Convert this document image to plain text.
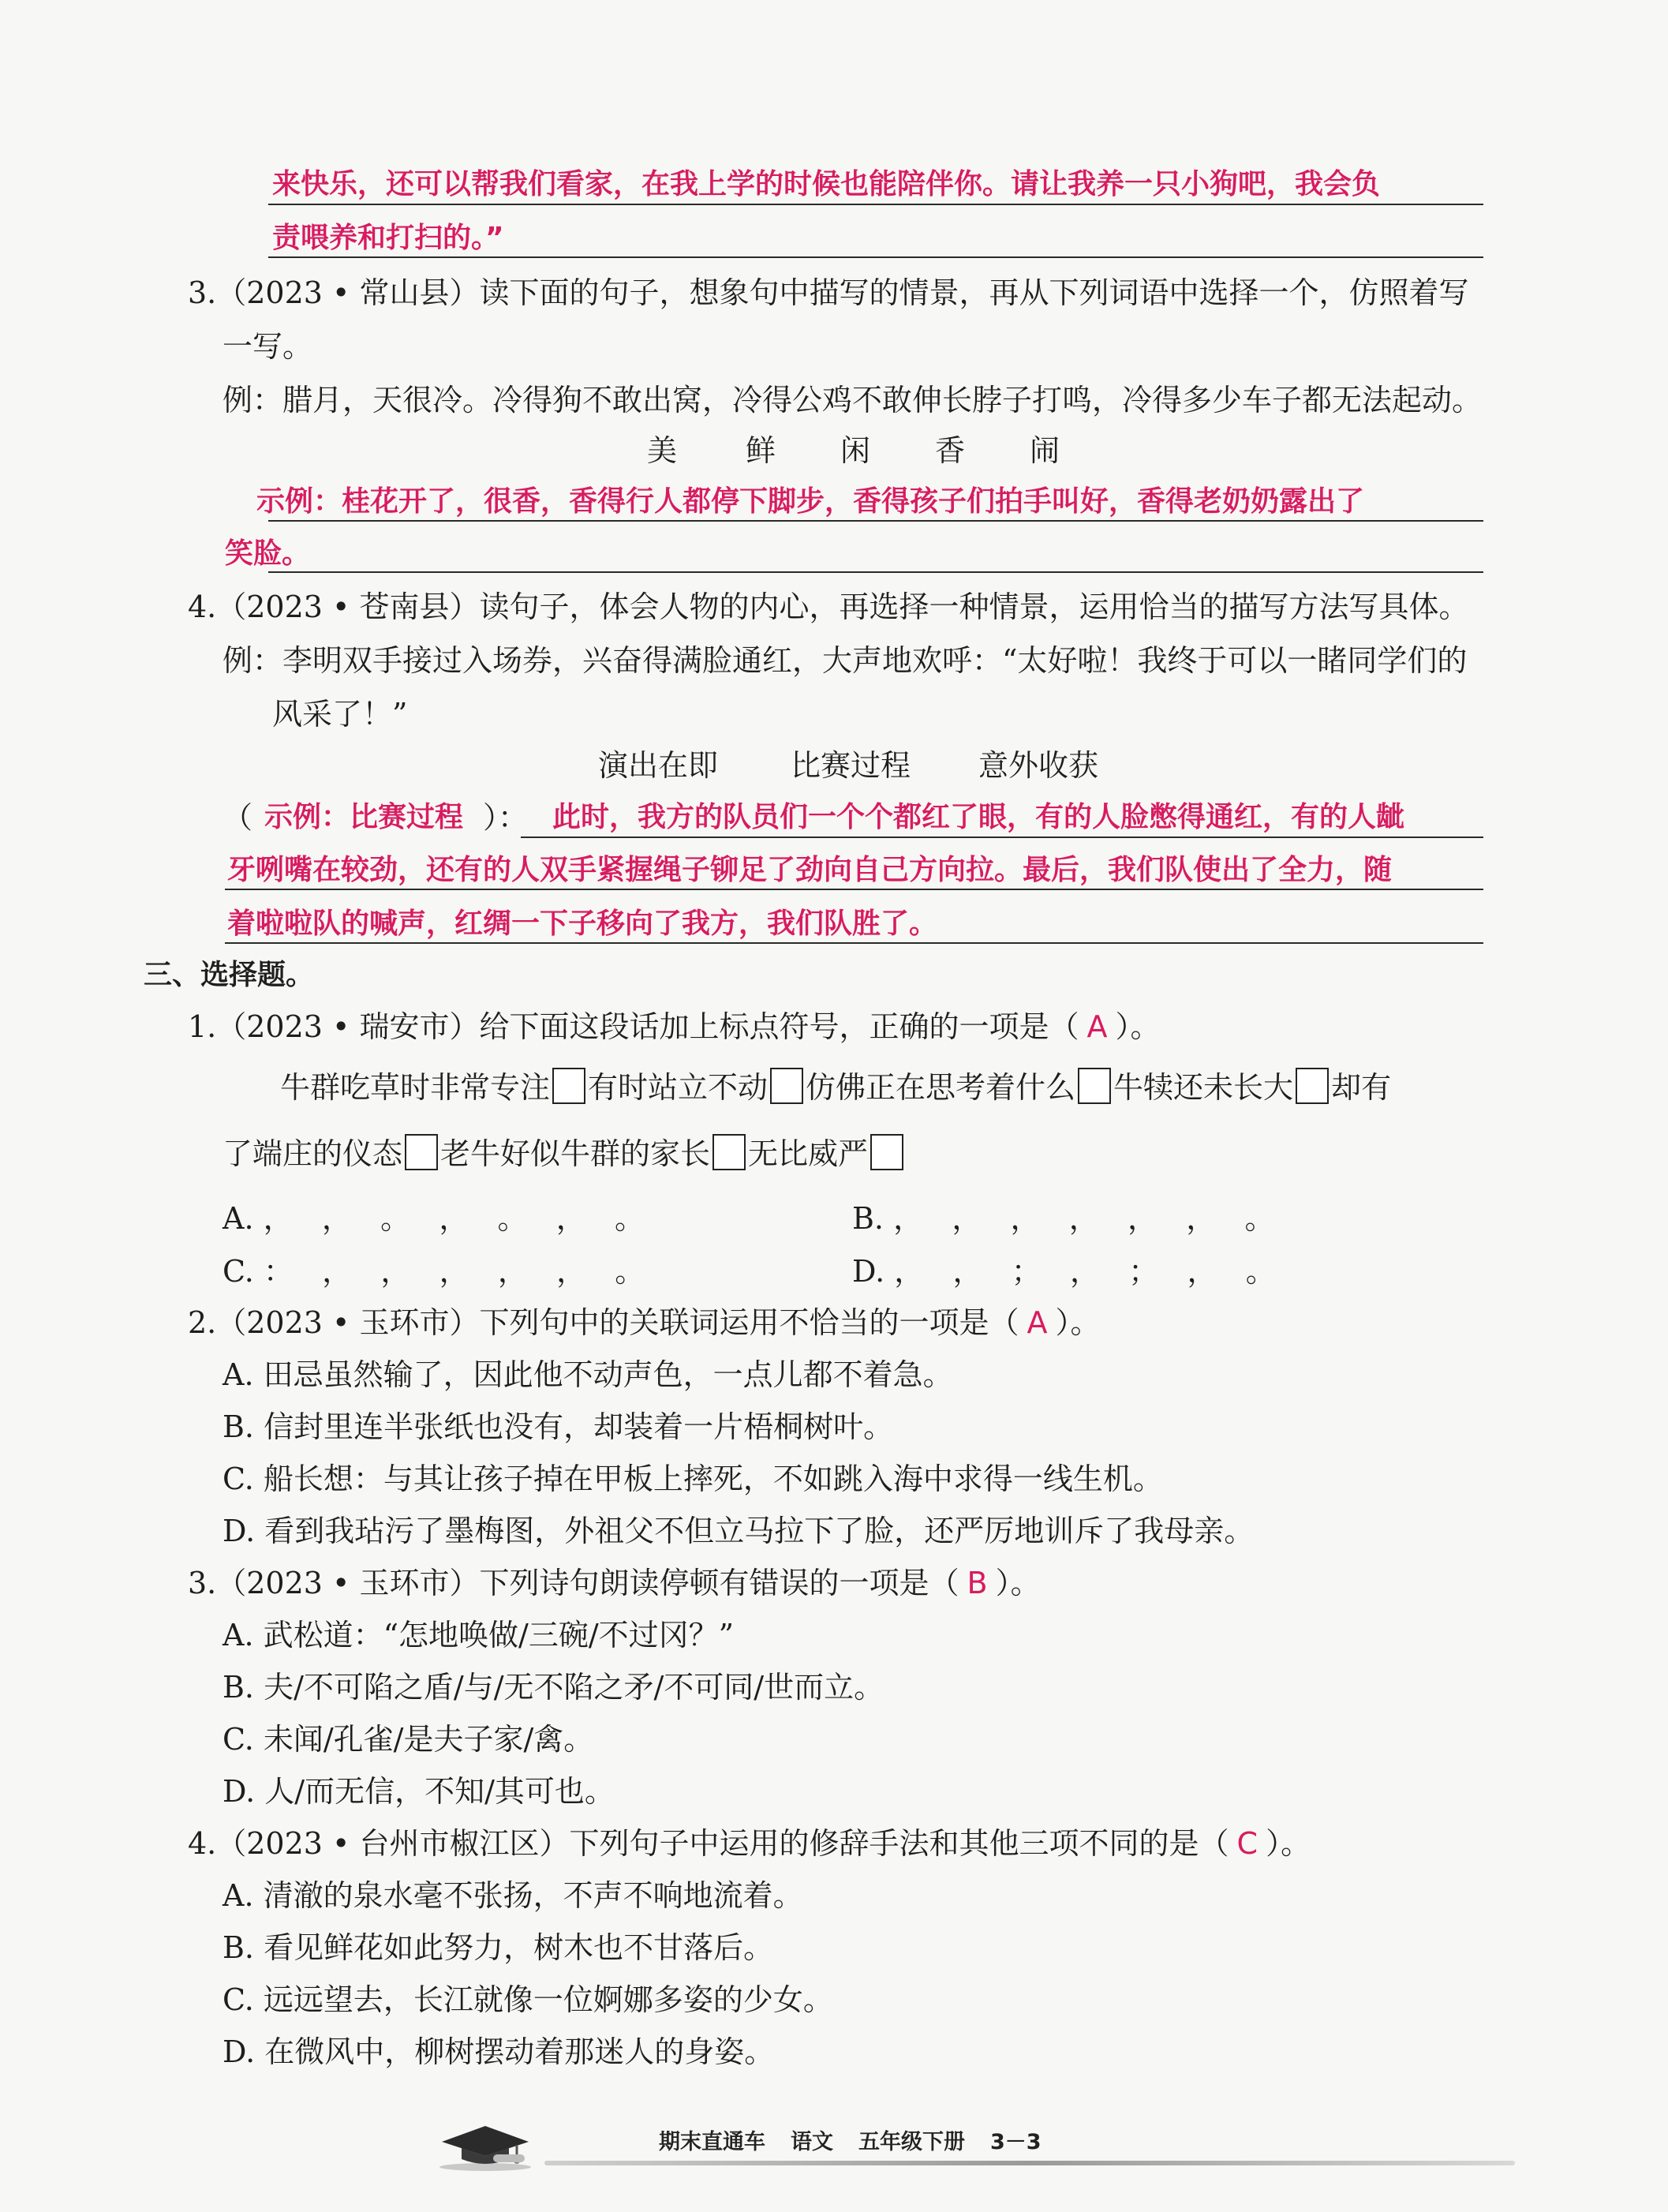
来快乐，还可以帮我们看家，在我上学的时候也能陪伴你。请让我养一只小狗吧，我会负
责喂养和打扫的。”
3.（2023 • 常山县）读下面的句子，想象句中描写的情景，再从下列词语中选择一个，仿照着写
一写。
例：腊月，天很冷。冷得狗不敢出窝，冷得公鸡不敢伸长脖子打鸣，冷得多少车子都无法起动。
美 鲜 闲 香 闹
示例：桂花开了，很香，香得行人都停下脚步，香得孩子们拍手叫好，香得老奶奶露出了
笑脸。
4.（2023 • 苍南县）读句子，体会人物的内心，再选择一种情景，运用恰当的描写方法写具体。
例：李明双手接过入场券，兴奋得满脸通红，大声地欢呼：“太好啦！我终于可以一睹同学们的
风采了！”
演出在即 比赛过程 意外收获
（ 示例：比赛过程 ）： 此时，我方的队员们一个个都红了眼，有的人脸憋得通红，有的人龇
牙咧嘴在较劲，还有的人双手紧握绳子铆足了劲向自己方向拉。最后，我们队使出了全力，随
着啦啦队的喊声，红绸一下子移向了我方，我们队胜了。
三、选择题。
1.（2023 • 瑞安市）给下面这段话加上标点符号，正确的一项是（ A ）。
牛群吃草时非常专注 有时站立不动 仿佛正在思考着什么 牛犊还未长大 却有
了端庄的仪态 老牛好似牛群的家长 无比威严
A. ，   ，   。   ，   。   ，   。	B. ，   ，   ，   ，   ，   ，   。
C. ：   ，   ，   ，   ，   ，   。	D. ，   ，   ；   ，   ；   ，   。
2.（2023 • 玉环市）下列句中的关联词运用不恰当的一项是（ A ）。
A. 田忌虽然输了，因此他不动声色，一点儿都不着急。
B. 信封里连半张纸也没有，却装着一片梧桐树叶。
C. 船长想：与其让孩子掉在甲板上摔死，不如跳入海中求得一线生机。
D. 看到我玷污了墨梅图，外祖父不但立马拉下了脸，还严厉地训斥了我母亲。
3.（2023 • 玉环市）下列诗句朗读停顿有错误的一项是（ B ）。
A. 武松道：“怎地唤做/三碗/不过冈？”
B. 夫/不可陷之盾/与/无不陷之矛/不可同/世而立。
C. 未闻/孔雀/是夫子家/禽。
D. 人/而无信，不知/其可也。
4.（2023 • 台州市椒江区）下列句子中运用的修辞手法和其他三项不同的是（ C ）。
A. 清澈的泉水毫不张扬，不声不响地流着。
B. 看见鲜花如此努力，树木也不甘落后。
C. 远远望去，长江就像一位婀娜多姿的少女。
D. 在微风中，柳树摆动着那迷人的身姿。
期末直通车 语文 五年级下册 3－3
